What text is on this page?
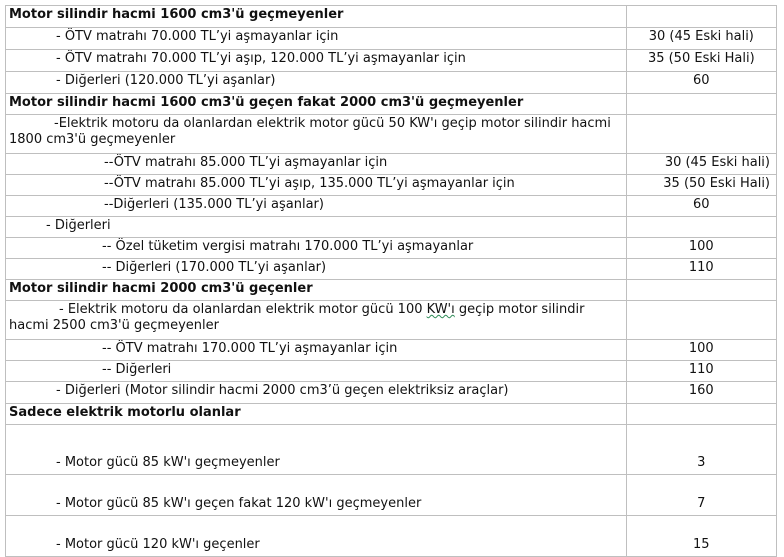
Motor silindir hacmi 1600 cm3'ü geçmeyenler	
- ÖTV matrahı 70.000 TL’yi aşmayanlar için	30 (45 Eski hali)
- ÖTV matrahı 70.000 TL’yi aşıp, 120.000 TL’yi aşmayanlar için	35 (50 Eski Hali)
- Diğerleri (120.000 TL’yi aşanlar)	60
Motor silindir hacmi 1600 cm3'ü geçen fakat 2000 cm3'ü geçmeyenler	
-Elektrik motoru da olanlardan elektrik motor gücü 50 KW'ı geçip motor silindir hacmi 1800 cm3'ü geçmeyenler	
--ÖTV matrahı 85.000 TL’yi aşmayanlar için	30 (45 Eski hali)
--ÖTV matrahı 85.000 TL’yi aşıp, 135.000 TL’yi aşmayanlar için	35 (50 Eski Hali)
--Diğerleri (135.000 TL’yi aşanlar)	60
- Diğerleri	
-- Özel tüketim vergisi matrahı 170.000 TL’yi aşmayanlar	100
-- Diğerleri (170.000 TL’yi aşanlar)	110
Motor silindir hacmi 2000 cm3'ü geçenler	
- Elektrik motoru da olanlardan elektrik motor gücü 100 KW'ı geçip motor silindir hacmi 2500 cm3'ü geçmeyenler	
-- ÖTV matrahı 170.000 TL’yi aşmayanlar için	100
-- Diğerleri	110
- Diğerleri (Motor silindir hacmi 2000 cm3’ü geçen elektriksiz araçlar)	160
Sadece elektrik motorlu olanlar	
- Motor gücü 85 kW'ı geçmeyenler	3
- Motor gücü 85 kW'ı geçen fakat 120 kW'ı geçmeyenler	7
- Motor gücü 120 kW'ı geçenler	15
